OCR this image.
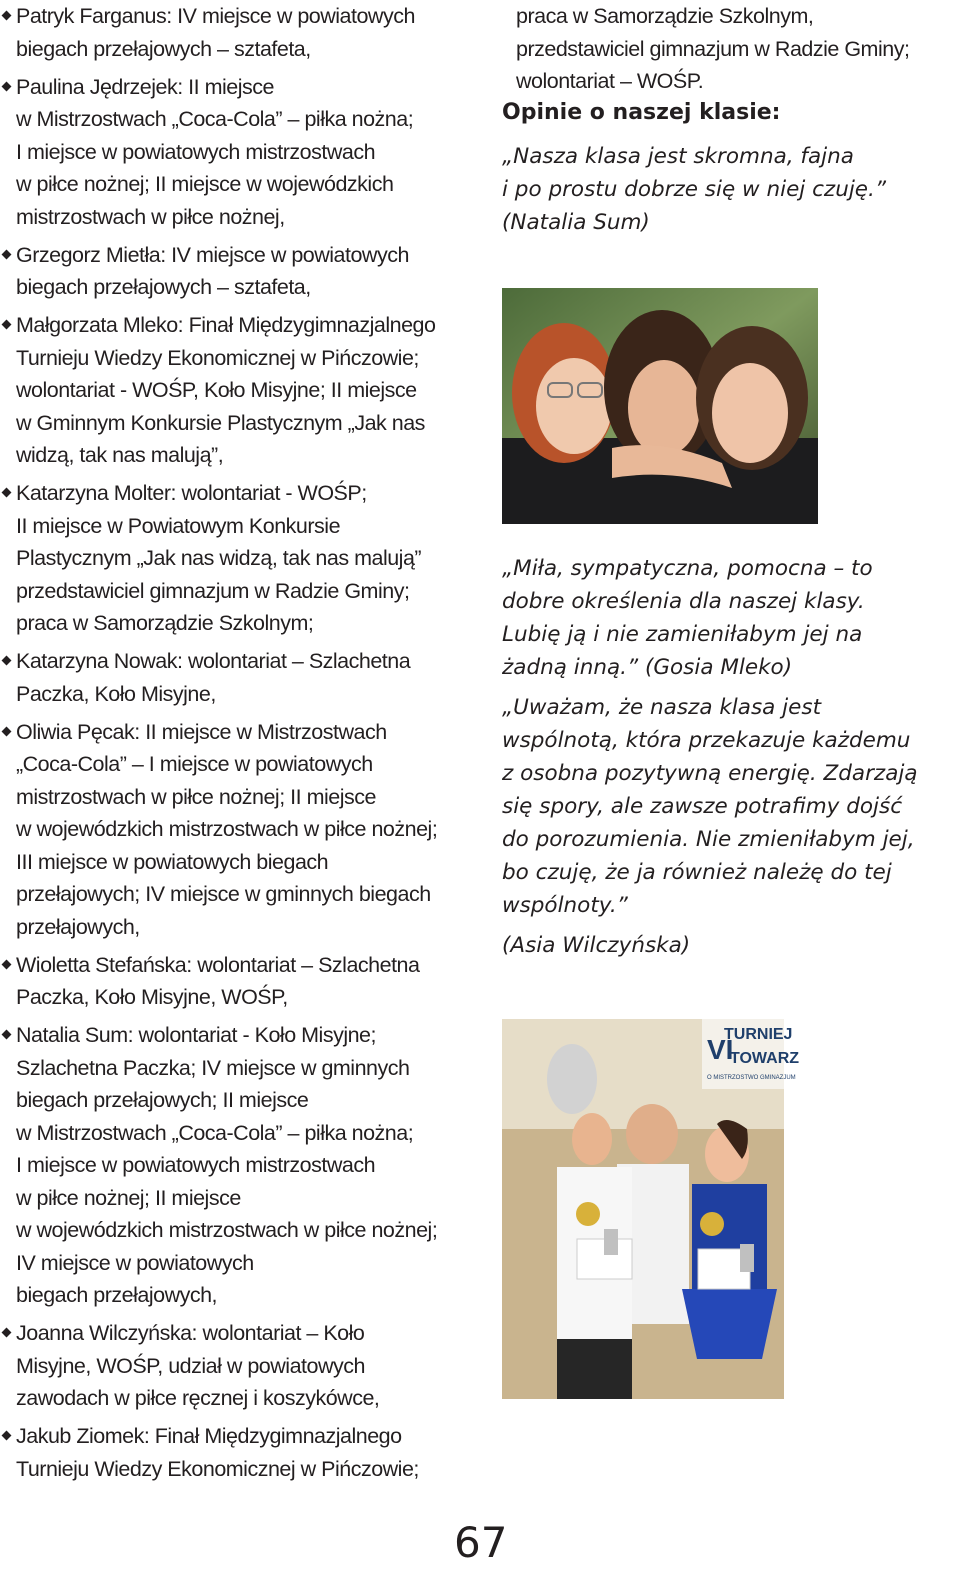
Patryk Farganus: IV miejsce w powiatowych
biegach przełajowych – sztafeta,
Paulina Jędrzejek: II miejsce
w Mistrzostwach „Coca-Cola” – piłka nożna;
I miejsce w powiatowych mistrzostwach
w piłce nożnej; II miejsce w wojewódzkich
mistrzostwach w piłce nożnej,
Grzegorz Mietła: IV miejsce w powiatowych
biegach przełajowych – sztafeta,
Małgorzata Mleko: Finał Międzygimnazjalnego
Turnieju Wiedzy Ekonomicznej w Pińczowie;
wolontariat - WOŚP, Koło Misyjne; II miejsce
w Gminnym Konkursie Plastycznym „Jak nas
widzą, tak nas malują”,
Katarzyna Molter: wolontariat - WOŚP;
II miejsce w Powiatowym Konkursie
Plastycznym „Jak nas widzą, tak nas malują”
przedstawiciel gimnazjum w Radzie Gminy;
praca w Samorządzie Szkolnym;
Katarzyna Nowak: wolontariat – Szlachetna
Paczka, Koło Misyjne,
Oliwia Pęcak: II miejsce w Mistrzostwach
„Coca-Cola” – I miejsce w powiatowych
mistrzostwach w piłce nożnej; II miejsce
w wojewódzkich mistrzostwach w piłce nożnej;
III miejsce w powiatowych biegach
przełajowych; IV miejsce w gminnych biegach
przełajowych,
Wioletta Stefańska: wolontariat – Szlachetna
Paczka, Koło Misyjne, WOŚP,
Natalia Sum: wolontariat - Koło Misyjne;
Szlachetna Paczka; IV miejsce w gminnych
biegach przełajowych; II miejsce
w Mistrzostwach „Coca-Cola” – piłka nożna;
I miejsce w powiatowych mistrzostwach
w piłce nożnej; II miejsce
w wojewódzkich mistrzostwach w piłce nożnej;
IV miejsce w powiatowych
biegach przełajowych,
Joanna Wilczyńska: wolontariat – Koło
Misyjne, WOŚP, udział w powiatowych
zawodach w piłce ręcznej i koszykówce,
Jakub Ziomek: Finał Międzygimnazjalnego
Turnieju Wiedzy Ekonomicznej w Pińczowie;
praca w Samorządzie Szkolnym,
przedstawiciel gimnazjum w Radzie Gminy;
wolontariat – WOŚP.
Opinie o naszej klasie:
„Nasza klasa jest skromna, fajna
i po prostu dobrze się w niej czuję.”
(Natalia Sum)
„Miła, sympatyczna, pomocna – to
dobre określenia dla naszej klasy.
Lubię ją i nie zamieniłabym jej na
żadną inną.” (Gosia Mleko)
„Uważam, że nasza klasa jest
wspólnotą, która przekazuje każdemu
z osobna pozytywną energię. Zdarzają
się spory, ale zawsze potrafimy dojść
do porozumienia. Nie zmieniłabym jej,
bo czuję, że ja również należę do tej
wspólnoty.”
(Asia Wilczyńska)
TURNIEJ
TOWARZ
O MISTRZOSTWO GMINAZJUM
VI
67
